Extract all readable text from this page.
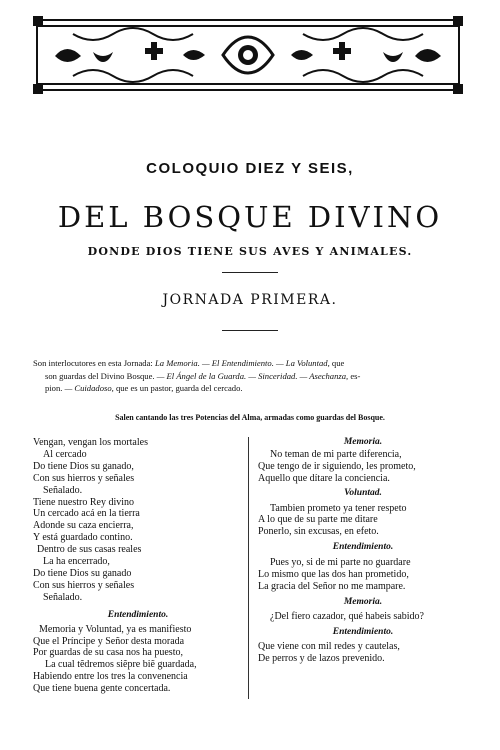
COLOQUIO DIEZ Y SEIS,
DEL BOSQUE DIVINO
DONDE DIOS TIENE SUS AVES Y ANIMALES.
JORNADA PRIMERA.

Son interlocutores en esta Jornada: La Memoria. — El Entendimiento. — La Voluntad, que

son guardas del Divino Bosque. — El Ángel de la Guarda. — Sinceridad. — Asechanza, es-

pion. — Cuidadoso, que es un pastor, guarda del cercado.

Salen cantando las tres Potencias del Alma, armadas como guardas del Bosque.

Vengan, vengan los mortales

Al cercado

Do tiene Dios su ganado,

Con sus hierros y señales

Señalado.

Tiene nuestro Rey divino

Un cercado acá en la tierra

Adonde su caza encierra,

Y está guardado contino.

Dentro de sus casas reales

La ha encerrado,

Do tiene Dios su ganado

Con sus hierros y señales

Señalado.

Entendimiento.

Memoria y Voluntad, ya es manifiesto

Que el Príncipe y Señor desta morada

Por guardas de su casa nos ha puesto,

La cual tẽdremos siẽpre biẽ guardada,

Habiendo entre los tres la convenencia

Que tiene buena gente concertada.

Memoria.

No teman de mi parte diferencia,

Que tengo de ir siguiendo, les prometo,

Aquello que dítare la conciencia.

Voluntad.

Tambien prometo ya tener respeto

A lo que de su parte me ditare

Ponerlo, sin excusas, en efeto.

Entendimiento.

Pues yo, si de mi parte no guardare

Lo mismo que las dos han prometido,

La gracia del Señor no me mampare.

Memoria.

¿Del fiero cazador, qué habeis sabido?

Entendimiento.

Que viene con mil redes y cautelas,

De perros y de lazos prevenido.
